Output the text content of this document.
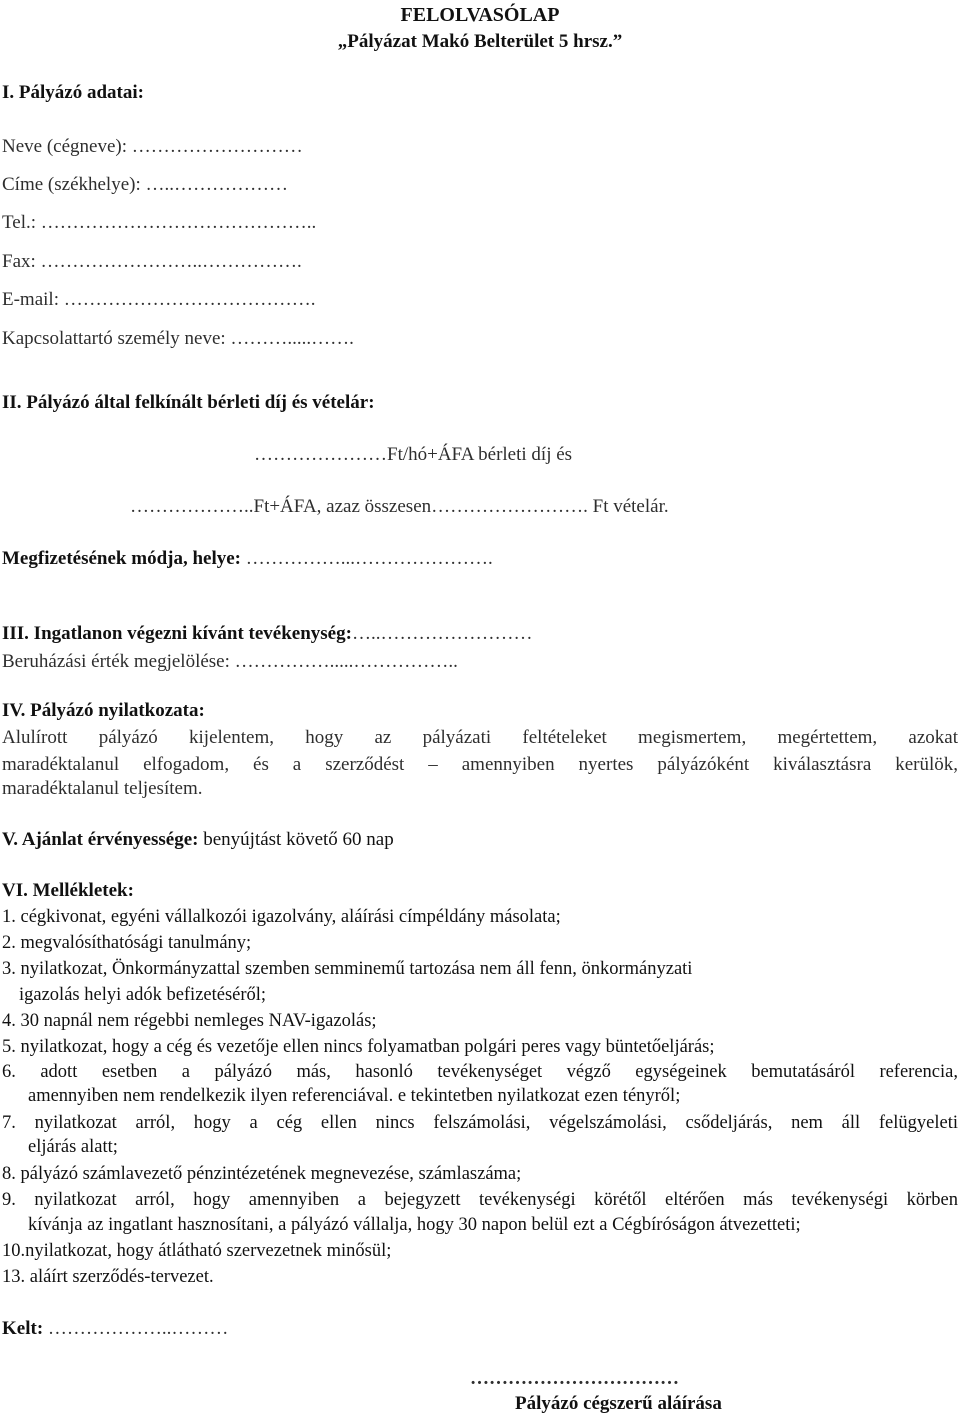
FELOLVASÓLAP
„Pályázat Makó Belterület 5 hrsz.”
I. Pályázó adatai:
Neve (cégneve): ………………………
Címe (székhelye): …..………………
Tel.: ……………………………………..
Fax: ……………………..…………….
E-mail: ………………………………….
Kapcsolattartó személy neve: ……….....…….
II. Pályázó által felkínált bérleti díj és vételár:
…………………Ft/hó+ÁFA bérleti díj és
………………..Ft+ÁFA, azaz összesen……………………. Ft vételár.
Megfizetésének módja, helye: ……………...………………….
III. Ingatlanon végezni kívánt tevékenység:…..……………………
Beruházási érték megjelölése: …………….....……………..
IV. Pályázó nyilatkozata:
Alulírott pályázó kijelentem, hogy az pályázati feltételeket megismertem, megértettem, azokat
maradéktalanul elfogadom, és a szerződést – amennyiben nyertes pályázóként kiválasztásra kerülök,
maradéktalanul teljesítem.
V. Ajánlat érvényessége: benyújtást követő 60 nap
VI. Mellékletek:
1. cégkivonat, egyéni vállalkozói igazolvány, aláírási címpéldány másolata;
2. megvalósíthatósági tanulmány;
3. nyilatkozat, Önkormányzattal szemben semminemű tartozása nem áll fenn, önkormányzati
igazolás helyi adók befizetéséről;
4. 30 napnál nem régebbi nemleges NAV-igazolás;
5. nyilatkozat, hogy a cég és vezetője ellen nincs folyamatban polgári peres vagy büntetőeljárás;
6. adott esetben a pályázó más, hasonló tevékenységet végző egységeinek bemutatásáról referencia,
amennyiben nem rendelkezik ilyen referenciával. e tekintetben nyilatkozat ezen tényről;
7. nyilatkozat arról, hogy a cég ellen nincs felszámolási, végelszámolási, csődeljárás, nem áll felügyeleti
eljárás alatt;
8. pályázó számlavezető pénzintézetének megnevezése, számlaszáma;
9. nyilatkozat arról, hogy amennyiben a bejegyzett tevékenységi körétől eltérően más tevékenységi körben
kívánja az ingatlant hasznosítani, a pályázó vállalja, hogy 30 napon belül ezt a Cégbíróságon átvezetteti;
10.nyilatkozat, hogy átlátható szervezetnek minősül;
13. aláírt szerződés-tervezet.
Kelt: ………………..………
……………………………
Pályázó cégszerű aláírása
